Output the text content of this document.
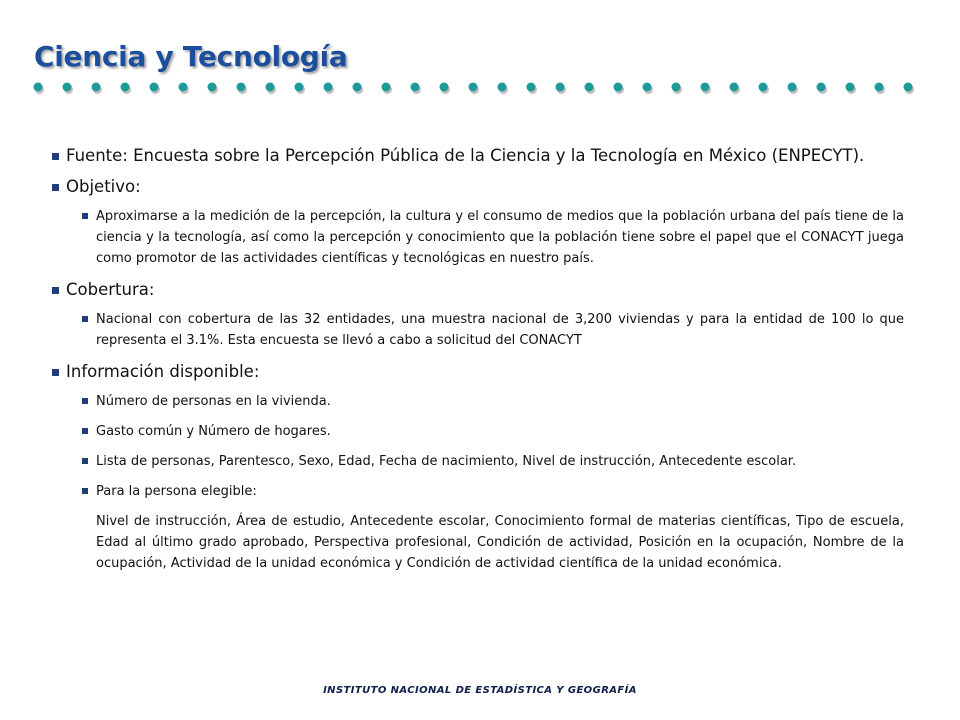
Ciencia y Tecnología
Fuente: Encuesta sobre la Percepción Pública de la Ciencia y la Tecnología en México (ENPECYT).
Objetivo:
Aproximarse a la medición de la percepción, la cultura y el consumo de medios que la población urbana del país tiene de la ciencia y la tecnología, así como la percepción y conocimiento que la población tiene sobre el papel que el CONACYT juega como promotor de las actividades científicas y tecnológicas en nuestro país.
Cobertura:
Nacional con cobertura de las 32 entidades, una muestra nacional de 3,200 viviendas y para la entidad de 100 lo que representa el 3.1%. Esta encuesta se llevó a cabo a solicitud del CONACYT
Información disponible:
Número de personas en la vivienda.
Gasto común y Número de hogares.
Lista de personas, Parentesco, Sexo, Edad, Fecha de nacimiento, Nivel de instrucción, Antecedente escolar.
Para la persona elegible:
Nivel de instrucción, Área de estudio, Antecedente escolar, Conocimiento formal de materias científicas, Tipo de escuela, Edad al último grado aprobado, Perspectiva profesional, Condición de actividad, Posición en la ocupación, Nombre de la ocupación, Actividad de la unidad económica y Condición de actividad científica de la unidad económica.
INSTITUTO NACIONAL DE ESTADÍSTICA Y GEOGRAFÍA
